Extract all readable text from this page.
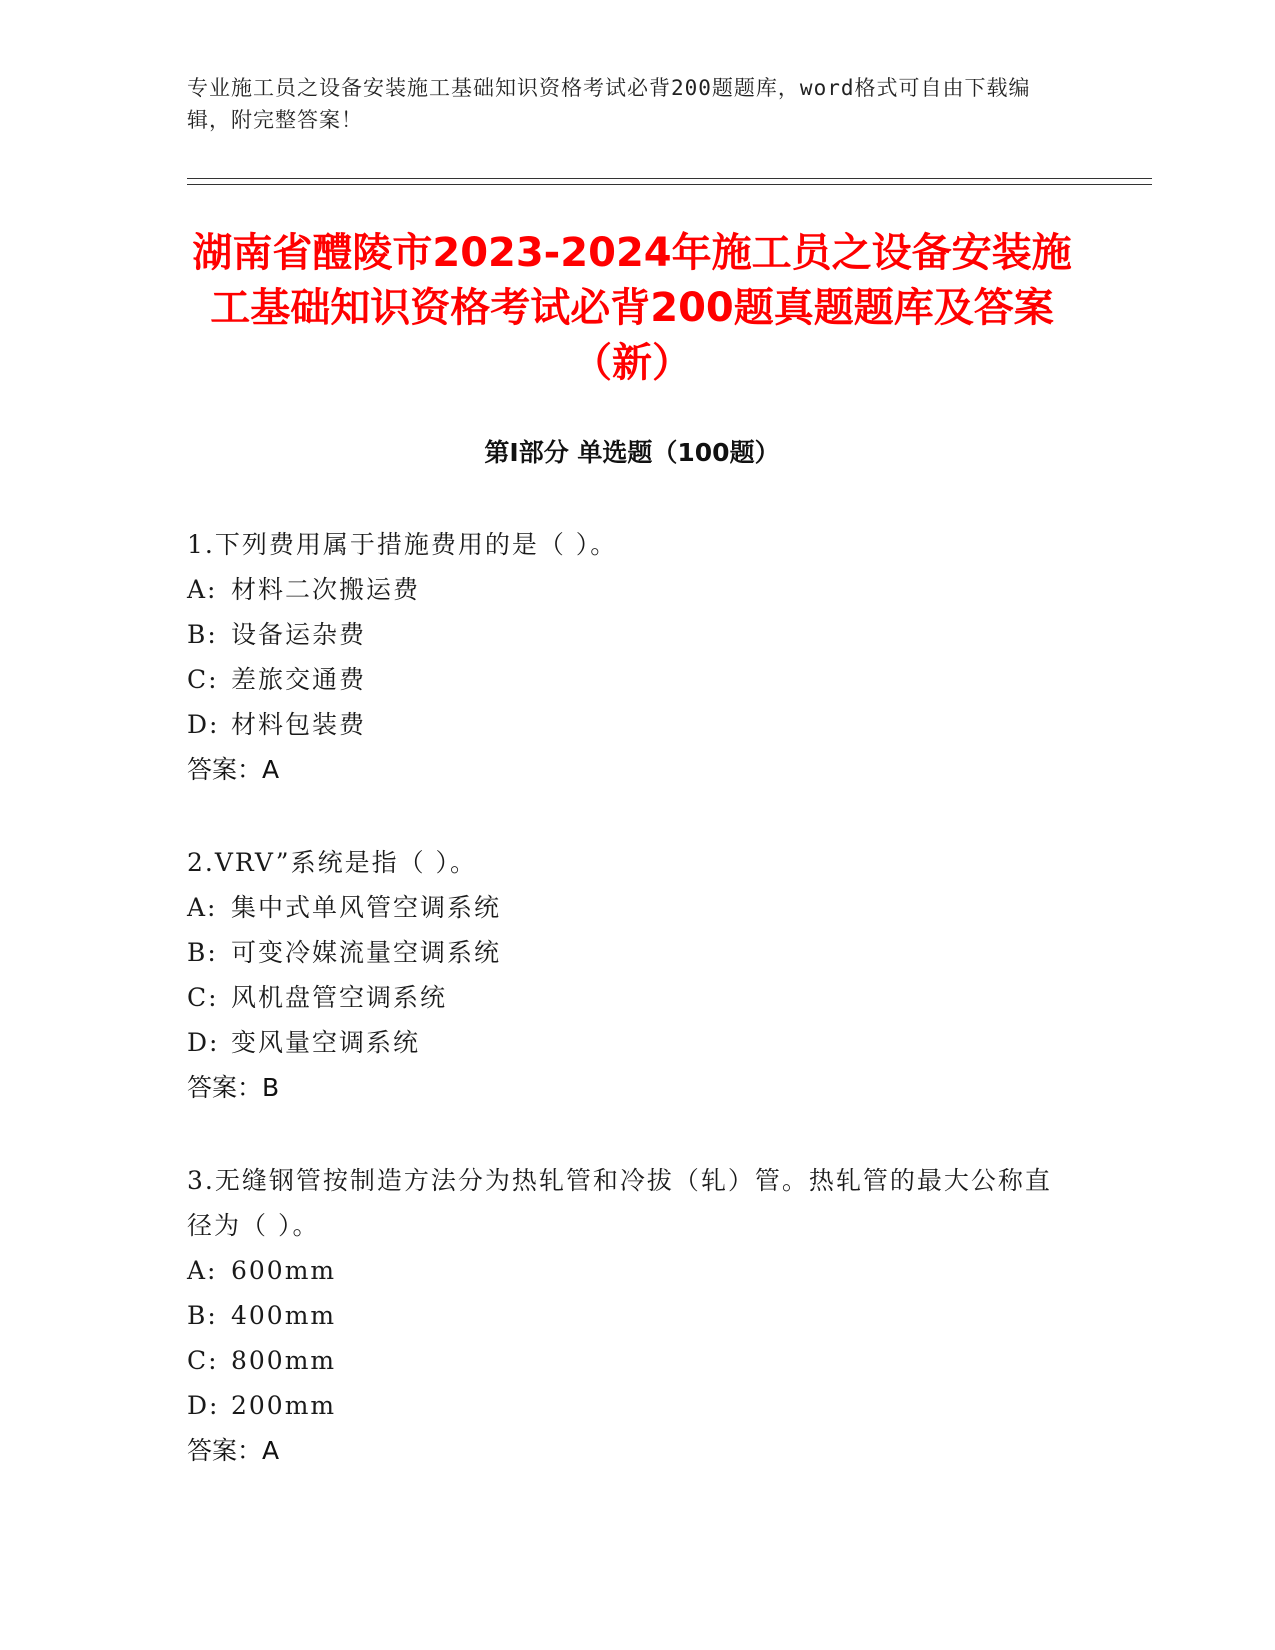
专业施工员之设备安装施工基础知识资格考试必背200题题库，word格式可自由下载编辑，附完整答案！
湖南省醴陵市2023-2024年施工员之设备安装施工基础知识资格考试必背200题真题题库及答案（新）
第Ⅰ部分 单选题（100题）
1.下列费用属于措施费用的是（ ）。
A: 材料二次搬运费
B: 设备运杂费
C: 差旅交通费
D: 材料包装费
答案：A
2.VRV”系统是指（ ）。
A: 集中式单风管空调系统
B: 可变冷媒流量空调系统
C: 风机盘管空调系统
D: 变风量空调系统
答案：B
3.无缝钢管按制造方法分为热轧管和冷拔（轧）管。热轧管的最大公称直径为（ ）。
A: 600mm
B: 400mm
C: 800mm
D: 200mm
答案：A
